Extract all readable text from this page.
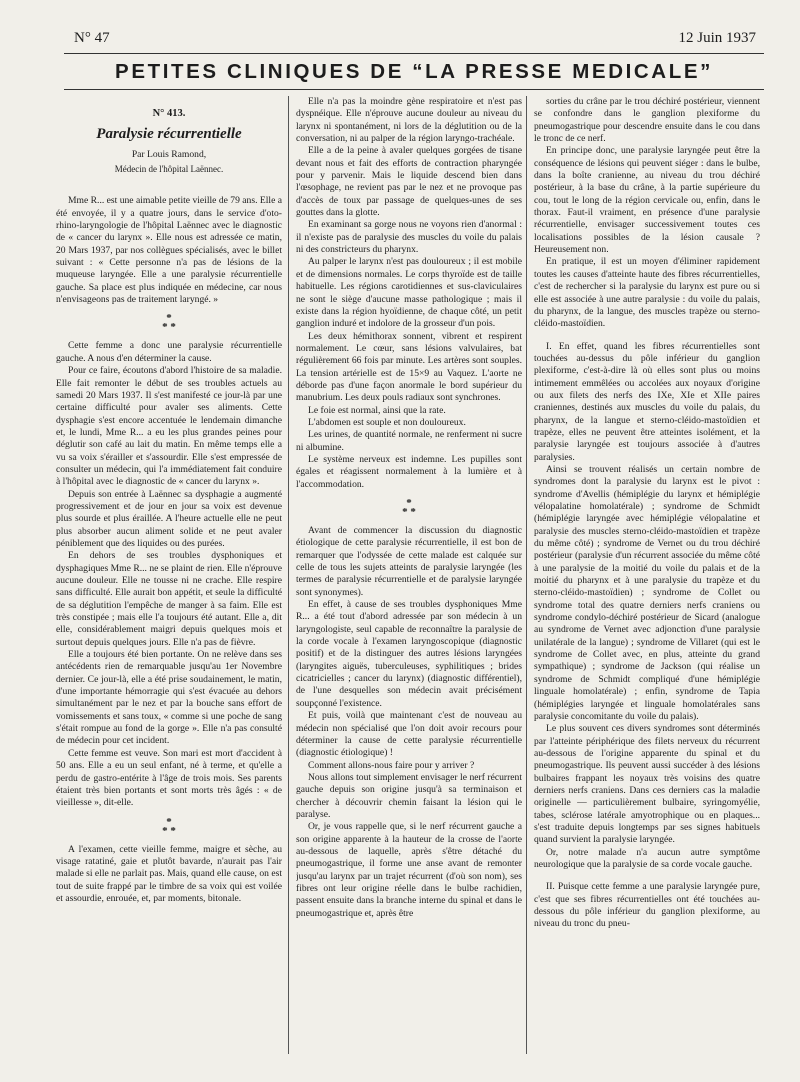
N° 47	12 Juin 1937
PETITES CLINIQUES DE “LA PRESSE MEDICALE”
N° 413.
Paralysie récurrentielle
Par Louis Ramond,
Médecin de l'hôpital Laënnec.

Mme R... est une aimable petite vieille de 79 ans. Elle a été envoyée, il y a quatre jours, dans le service d'oto-rhino-laryngologie de l'hôpital Laënnec avec le diagnostic de « cancer du larynx ». Elle nous est adressée ce matin, 20 Mars 1937, par nos collègues spécialisés, avec le billet suivant : « Cette personne n'a pas de lésions de la muqueuse laryngée. Elle a une paralysie récurrentielle gauche. Sa place est plus indiquée en médecine, car nous n'envisageons pas de traitement laryngé. »

*
* *

Cette femme a donc une paralysie récurrentielle gauche. A nous d'en déterminer la cause.

Pour ce faire, écoutons d'abord l'histoire de sa maladie. Elle fait remonter le début de ses troubles actuels au samedi 20 Mars 1937. Il s'est manifesté ce jour-là par une certaine difficulté pour avaler ses aliments. Cette dysphagie s'est encore accentuée le lendemain dimanche et, le lundi, Mme R... a eu les plus grandes peines pour déglutir son café au lait du matin. En même temps elle a vu sa voix s'érailler et s'assourdir. Elle s'est empressée de consulter un médecin, qui l'a immédiatement fait conduire à l'hôpital avec le diagnostic de « cancer du larynx ».

Depuis son entrée à Laënnec sa dysphagie a augmenté progressivement et de jour en jour sa voix est devenue plus sourde et plus éraillée. A l'heure actuelle elle ne peut plus absorber aucun aliment solide et ne peut avaler péniblement que des liquides ou des purées.

En dehors de ses troubles dysphoniques et dysphagiques Mme R... ne se plaint de rien. Elle n'éprouve aucune douleur. Elle ne tousse ni ne crache. Elle respire sans difficulté. Elle aurait bon appétit, et seule la difficulté de sa déglutition l'empêche de manger à sa faim. Elle est très constipée ; mais elle l'a toujours été autant. Elle a, dit elle, considérablement maigri depuis quelques mois et surtout depuis quelques jours. Elle n'a pas de fièvre.

Elle a toujours été bien portante. On ne relève dans ses antécédents rien de remarquable jusqu'au 1er Novembre dernier. Ce jour-là, elle a été prise soudainement, le matin, d'une importante hémorragie qui s'est évacuée au dehors simultanément par le nez et par la bouche sans effort de vomissements et sans toux, « comme si une poche de sang s'était rompue au fond de la gorge ». Elle n'a pas consulté de médecin pour cet incident.

Cette femme est veuve. Son mari est mort d'accident à 50 ans. Elle a eu un seul enfant, né à terme, et qu'elle a perdu de gastro-entérite à l'âge de trois mois. Ses parents étaient très bien portants et sont morts très âgés : « de vieillesse », dit-elle.

*
* *

A l'examen, cette vieille femme, maigre et sèche, au visage ratatiné, gaie et plutôt bavarde, n'aurait pas l'air malade si elle ne parlait pas. Mais, quand elle cause, on est tout de suite frappé par le timbre de sa voix qui est voilée et assourdie, enrouée, et, par moments, bitonale.

Elle n'a pas la moindre gène respiratoire et n'est pas dyspnéique. Elle n'éprouve aucune douleur au niveau du larynx ni spontanément, ni lors de la déglutition ou de la conversation, ni au palper de la région laryngo-trachéale.

Elle a de la peine à avaler quelques gorgées de tisane devant nous et fait des efforts de contraction pharyngée pour y parvenir. Mais le liquide descend bien dans l'œsophage, ne revient pas par le nez et ne provoque pas d'accès de toux par passage de quelques-unes de ses gouttes dans la glotte.

En examinant sa gorge nous ne voyons rien d'anormal : il n'existe pas de paralysie des muscles du voile du palais ni des constricteurs du pharynx.

Au palper le larynx n'est pas douloureux ; il est mobile et de dimensions normales. Le corps thyroïde est de taille habituelle. Les régions carotidiennes et sus-claviculaires ne sont le siège d'aucune masse pathologique ; mais il existe dans la région hyoïdienne, de chaque côté, un petit ganglion induré et indolore de la grosseur d'un pois.

Les deux hémithorax sonnent, vibrent et respirent normalement. Le cœur, sans lésions valvulaires, bat régulièrement 66 fois par minute. Les artères sont souples. La tension artérielle est de 15×9 au Vaquez. L'aorte ne déborde pas d'une façon anormale le bord supérieur du manubrium. Les deux pouls radiaux sont synchrones.

Le foie est normal, ainsi que la rate.

L'abdomen est souple et non douloureux.

Les urines, de quantité normale, ne renferment ni sucre ni albumine.

Le système nerveux est indemne. Les pupilles sont égales et réagissent normalement à la lumière et à l'accommodation.

*
* *

Avant de commencer la discussion du diagnostic étiologique de cette paralysie récurrentielle, il est bon de remarquer que l'odyssée de cette malade est calquée sur celle de tous les sujets atteints de paralysie laryngée (les termes de paralysie récurrentielle et de paralysie laryngée sont synonymes).

En effet, à cause de ses troubles dysphoniques Mme R... a été tout d'abord adressée par son médecin à un laryngologiste, seul capable de reconnaître la paralysie de la corde vocale à l'examen laryngoscopique (diagnostic positif) et de la distinguer des autres lésions laryngées (laryngites aiguës, tuberculeuses, syphilitiques ; brides cicatricielles ; cancer du larynx) (diagnostic différentiel), de l'une desquelles son médecin avait précisément soupçonné l'existence.

Et puis, voilà que maintenant c'est de nouveau au médecin non spécialisé que l'on doit avoir recours pour déterminer la cause de cette paralysie récurrentielle (diagnostic étiologique) !

Comment allons-nous faire pour y arriver ?

Nous allons tout simplement envisager le nerf récurrent gauche depuis son origine jusqu'à sa terminaison et chercher à découvrir chemin faisant la lésion qui le paralyse.

Or, je vous rappelle que, si le nerf récurrent gauche a son origine apparente à la hauteur de la crosse de l'aorte au-dessous de laquelle, après s'être détaché du pneumogastrique, il forme une anse avant de remonter jusqu'au larynx par un trajet récurrent (d'où son nom), ses fibres ont leur origine réelle dans le bulbe rachidien, passent ensuite dans la branche interne du spinal et dans le pneumogastrique et, après être

sorties du crâne par le trou déchiré postérieur, viennent se confondre dans le ganglion plexiforme du pneumogastrique pour descendre ensuite dans le cou dans le tronc de ce nerf.

En principe donc, une paralysie laryngée peut être la conséquence de lésions qui peuvent siéger : dans le bulbe, dans la boîte cranienne, au niveau du trou déchiré postérieur, à la base du crâne, à la partie supérieure du cou, tout le long de la région cervicale ou, enfin, dans le thorax. Faut-il vraiment, en présence d'une paralysie récurrentielle, envisager successivement toutes ces localisations possibles de la lésion causale ? Heureusement non.

En pratique, il est un moyen d'éliminer rapidement toutes les causes d'atteinte haute des fibres récurrentielles, c'est de rechercher si la paralysie du larynx est pure ou si elle est associée à une autre paralysie : du voile du palais, du pharynx, de la langue, des muscles trapèze ou sterno-cléido-mastoïdien.

I. En effet, quand les fibres récurrentielles sont touchées au-dessus du pôle inférieur du ganglion plexiforme, c'est-à-dire là où elles sont plus ou moins intimement emmêlées ou accolées aux noyaux d'origine ou aux filets des nerfs des IXe, XIe et XIIe paires craniennes, destinés aux muscles du voile du palais, du pharynx, de la langue et sterno-cléido-mastoïdien et trapèze, elles ne peuvent être atteintes isolément, et la paralysie laryngée est toujours associée à d'autres paralysies.

Ainsi se trouvent réalisés un certain nombre de syndromes dont la paralysie du larynx est le pivot : syndrome d'Avellis (hémiplégie du larynx et hémiplégie vélopalatine homolatérale) ; syndrome de Schmidt (hémiplégie laryngée avec hémiplégie vélopalatine et paralysie des muscles sterno-cléido-mastoïdien et trapèze du même côté) ; syndrome de Vernet ou du trou déchiré postérieur (paralysie d'un récurrent associée du même côté à une paralysie de la moitié du voile du palais et de la moitié du pharynx et à une paralysie du trapèze et du sterno-cléido-mastoïdien) ; syndrome de Collet ou syndrome total des quatre derniers nerfs craniens ou syndrome condylo-déchiré postérieur de Sicard (analogue au syndrome de Vernet avec adjonction d'une paralysie unilatérale de la langue) ; syndrome de Villaret (qui est le syndrome de Collet avec, en plus, atteinte du grand sympathique) ; syndrome de Jackson (qui réalise un syndrome de Schmidt compliqué d'une hémiplégie linguale homolatérale) ; enfin, syndrome de Tapia (hémiplégies laryngée et linguale homolatérales sans paralysie concomitante du voile du palais).

Le plus souvent ces divers syndromes sont déterminés par l'atteinte périphérique des filets nerveux du récurrent au-dessous de l'origine apparente du spinal et du pneumogastrique. Ils peuvent aussi succéder à des lésions bulbaires frappant les noyaux très voisins des quatre derniers nerfs craniens. Dans ces derniers cas la maladie originelle — particulièrement bulbaire, syringomyélie, tabes, sclérose latérale amyotrophique ou en plaques... s'est traduite depuis longtemps par ses signes habituels quand survient la paralysie laryngée.

Or, notre malade n'a aucun autre symptôme neurologique que la paralysie de sa corde vocale gauche.

II. Puisque cette femme a une paralysie laryngée pure, c'est que ses fibres récurrentielles ont été touchées au-dessous du pôle inférieur du ganglion plexiforme, au niveau du tronc du pneu-
